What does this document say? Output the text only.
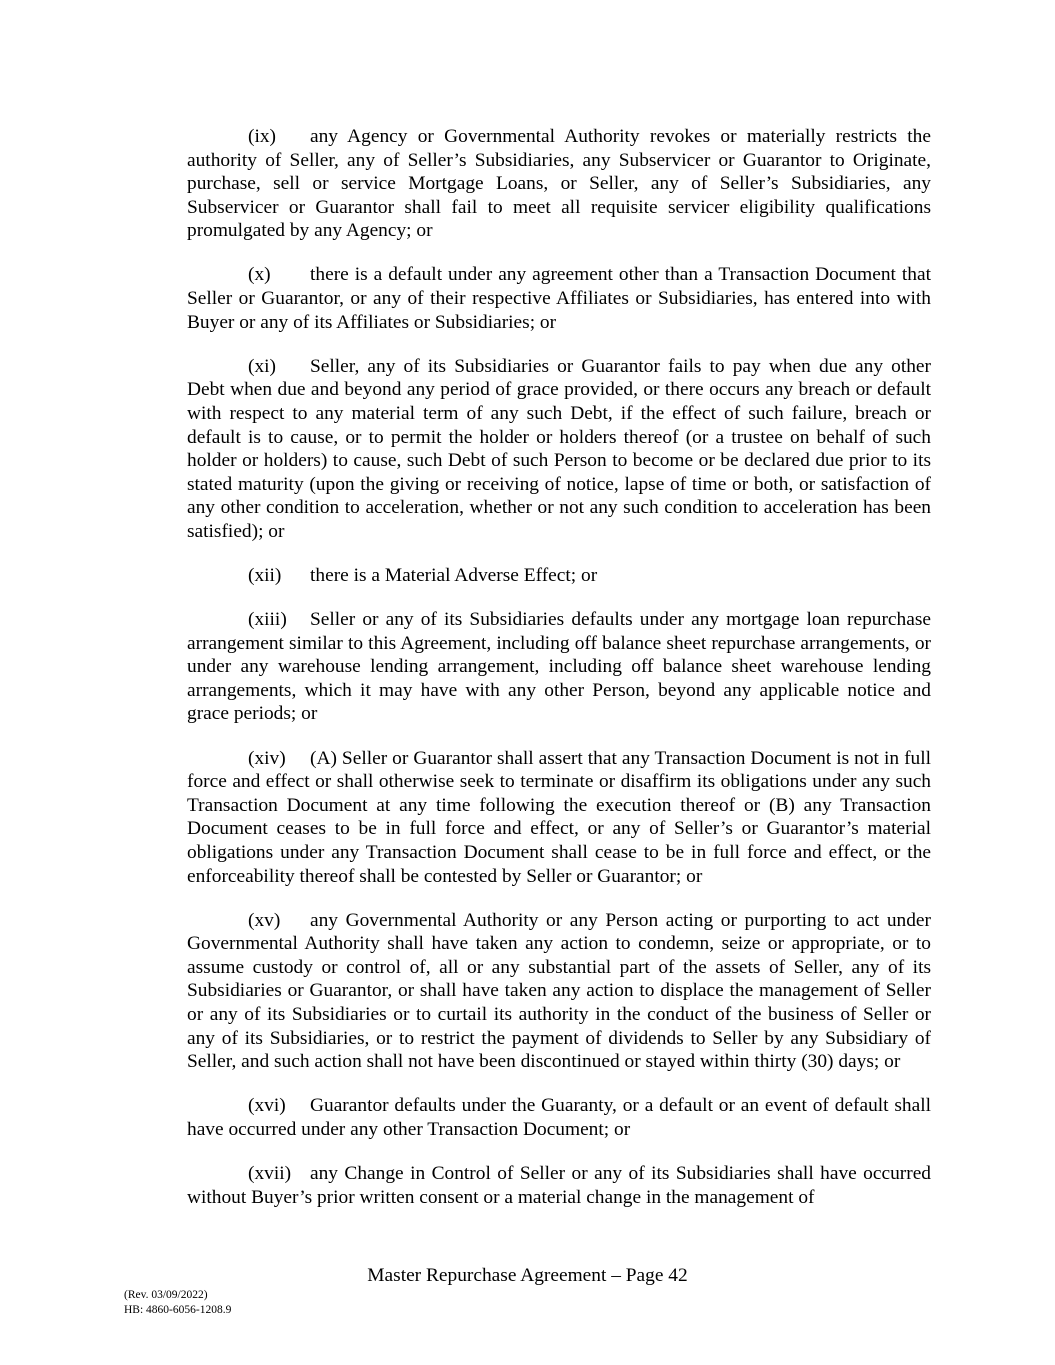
(ix) any Agency or Governmental Authority revokes or materially restricts the authority of Seller, any of Seller’s Subsidiaries, any Subservicer or Guarantor to Originate, purchase, sell or service Mortgage Loans, or Seller, any of Seller’s Subsidiaries, any Subservicer or Guarantor shall fail to meet all requisite servicer eligibility qualifications promulgated by any Agency; or

(x) there is a default under any agreement other than a Transaction Document that Seller or Guarantor, or any of their respective Affiliates or Subsidiaries, has entered into with Buyer or any of its Affiliates or Subsidiaries; or

(xi) Seller, any of its Subsidiaries or Guarantor fails to pay when due any other Debt when due and beyond any period of grace provided, or there occurs any breach or default with respect to any material term of any such Debt, if the effect of such failure, breach or default is to cause, or to permit the holder or holders thereof (or a trustee on behalf of such holder or holders) to cause, such Debt of such Person to become or be declared due prior to its stated maturity (upon the giving or receiving of notice, lapse of time or both, or satisfaction of any other condition to acceleration, whether or not any such condition to acceleration has been satisfied); or

(xii) there is a Material Adverse Effect; or

(xiii) Seller or any of its Subsidiaries defaults under any mortgage loan repurchase arrangement similar to this Agreement, including off balance sheet repurchase arrangements, or under any warehouse lending arrangement, including off balance sheet warehouse lending arrangements, which it may have with any other Person, beyond any applicable notice and grace periods; or

(xiv) (A) Seller or Guarantor shall assert that any Transaction Document is not in full force and effect or shall otherwise seek to terminate or disaffirm its obligations under any such Transaction Document at any time following the execution thereof or (B) any Transaction Document ceases to be in full force and effect, or any of Seller’s or Guarantor’s material obligations under any Transaction Document shall cease to be in full force and effect, or the enforceability thereof shall be contested by Seller or Guarantor; or

(xv) any Governmental Authority or any Person acting or purporting to act under Governmental Authority shall have taken any action to condemn, seize or appropriate, or to assume custody or control of, all or any substantial part of the assets of Seller, any of its Subsidiaries or Guarantor, or shall have taken any action to displace the management of Seller or any of its Subsidiaries or to curtail its authority in the conduct of the business of Seller or any of its Subsidiaries, or to restrict the payment of dividends to Seller by any Subsidiary of Seller, and such action shall not have been discontinued or stayed within thirty (30) days; or

(xvi) Guarantor defaults under the Guaranty, or a default or an event of default shall have occurred under any other Transaction Document; or

(xvii) any Change in Control of Seller or any of its Subsidiaries shall have occurred without Buyer’s prior written consent or a material change in the management of

Master Repurchase Agreement – Page 42
(Rev. 03/09/2022)
HB: 4860-6056-1208.9
